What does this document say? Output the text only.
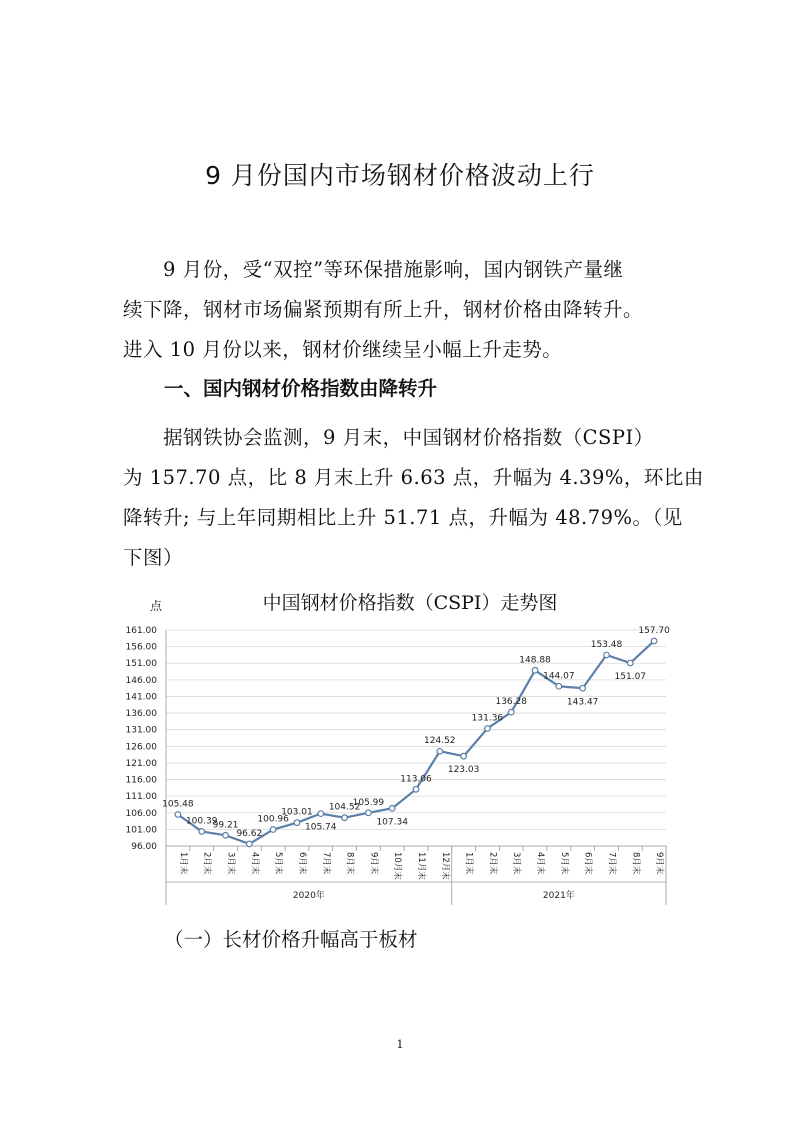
9 月份国内市场钢材价格波动上行
9 月份，受“双控”等环保措施影响，国内钢铁产量继
续下降，钢材市场偏紧预期有所上升，钢材价格由降转升。
进入 10 月份以来，钢材价继续呈小幅上升走势。
一、国内钢材价格指数由降转升
据钢铁协会监测，9 月末，中国钢材价格指数（CSPI）
为 157.70 点，比 8 月末上升 6.63 点，升幅为 4.39%，环比由
降转升; 与上年同期相比上升 51.71 点，升幅为 48.79%。（见
下图）
点	中国钢材价格指数（CSPI）走势图
161.00
156.00
151.00
146.00
141.00
136.00
131.00
126.00
121.00
116.00
111.00
106.00
101.00
96.00
1月末 2月末 3月末 4月末 5月末 6月末 7月末 8月末 9月末 10月末 11月末 12月末 1月末 2月末 3月末 4月末 5月末 6月末 7月末 8月末 9月末
2020年	2021年
105.48
100.39
99.21
96.62
100.96
103.01
105.74
104.52
105.99
107.34
113.06
124.52
123.03
131.36
136.28
148.88
144.07
143.47
153.48
151.07
157.70
（一）长材价格升幅高于板材
1
